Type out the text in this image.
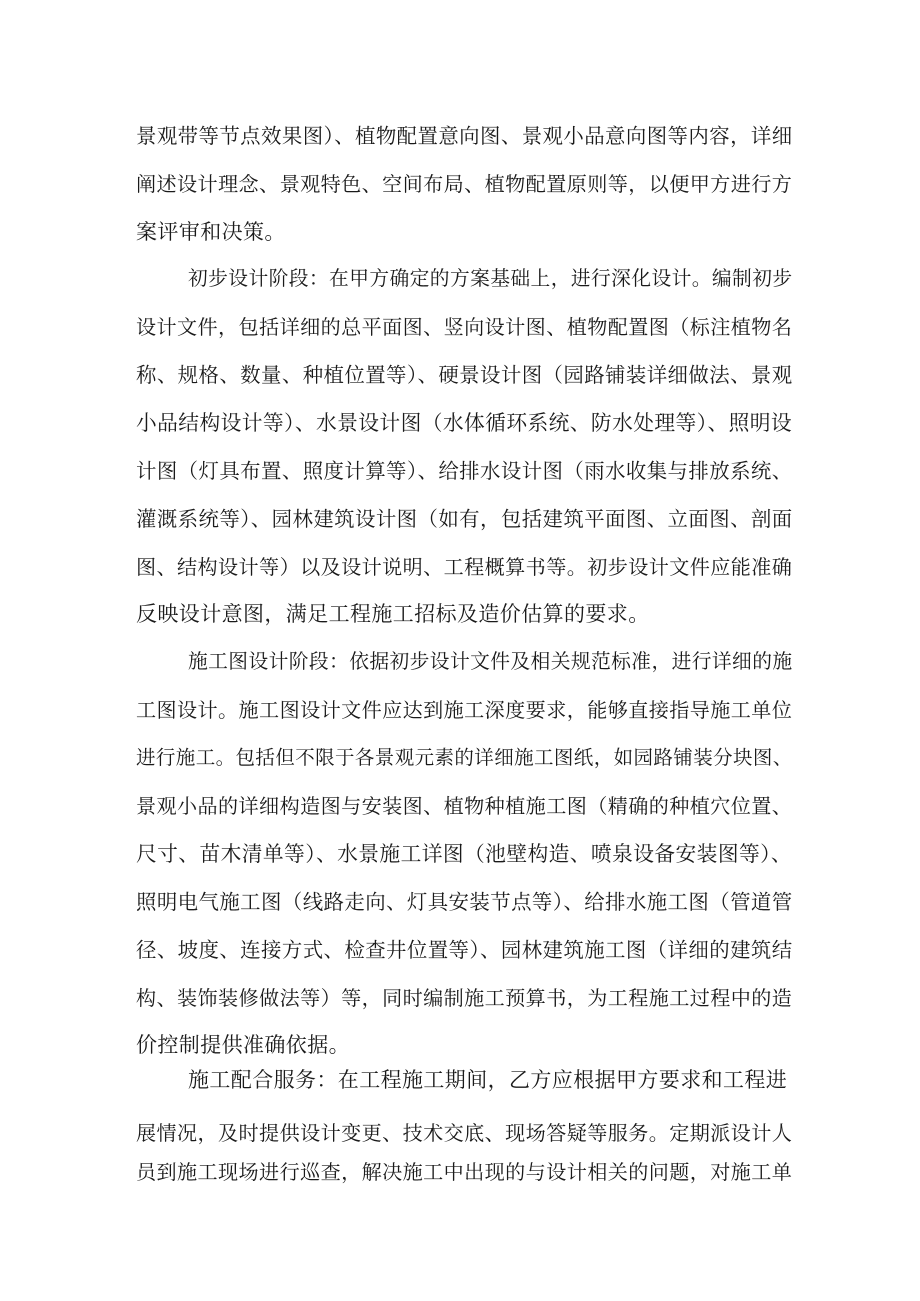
景观带等节点效果图）、植物配置意向图、景观小品意向图等内容，详细
阐述设计理念、景观特色、空间布局、植物配置原则等，以便甲方进行方
案评审和决策。
初步设计阶段：在甲方确定的方案基础上，进行深化设计。编制初步
设计文件，包括详细的总平面图、竖向设计图、植物配置图（标注植物名
称、规格、数量、种植位置等）、硬景设计图（园路铺装详细做法、景观
小品结构设计等）、水景设计图（水体循环系统、防水处理等）、照明设
计图（灯具布置、照度计算等）、给排水设计图（雨水收集与排放系统、
灌溉系统等）、园林建筑设计图（如有，包括建筑平面图、立面图、剖面
图、结构设计等）以及设计说明、工程概算书等。初步设计文件应能准确
反映设计意图，满足工程施工招标及造价估算的要求。
施工图设计阶段：依据初步设计文件及相关规范标准，进行详细的施
工图设计。施工图设计文件应达到施工深度要求，能够直接指导施工单位
进行施工。包括但不限于各景观元素的详细施工图纸，如园路铺装分块图、
景观小品的详细构造图与安装图、植物种植施工图（精确的种植穴位置、
尺寸、苗木清单等）、水景施工详图（池壁构造、喷泉设备安装图等）、
照明电气施工图（线路走向、灯具安装节点等）、给排水施工图（管道管
径、坡度、连接方式、检查井位置等）、园林建筑施工图（详细的建筑结
构、装饰装修做法等）等，同时编制施工预算书，为工程施工过程中的造
价控制提供准确依据。
施工配合服务：在工程施工期间，乙方应根据甲方要求和工程进
展情况，及时提供设计变更、技术交底、现场答疑等服务。定期派设计人
员到施工现场进行巡查，解决施工中出现的与设计相关的问题，对施工单
